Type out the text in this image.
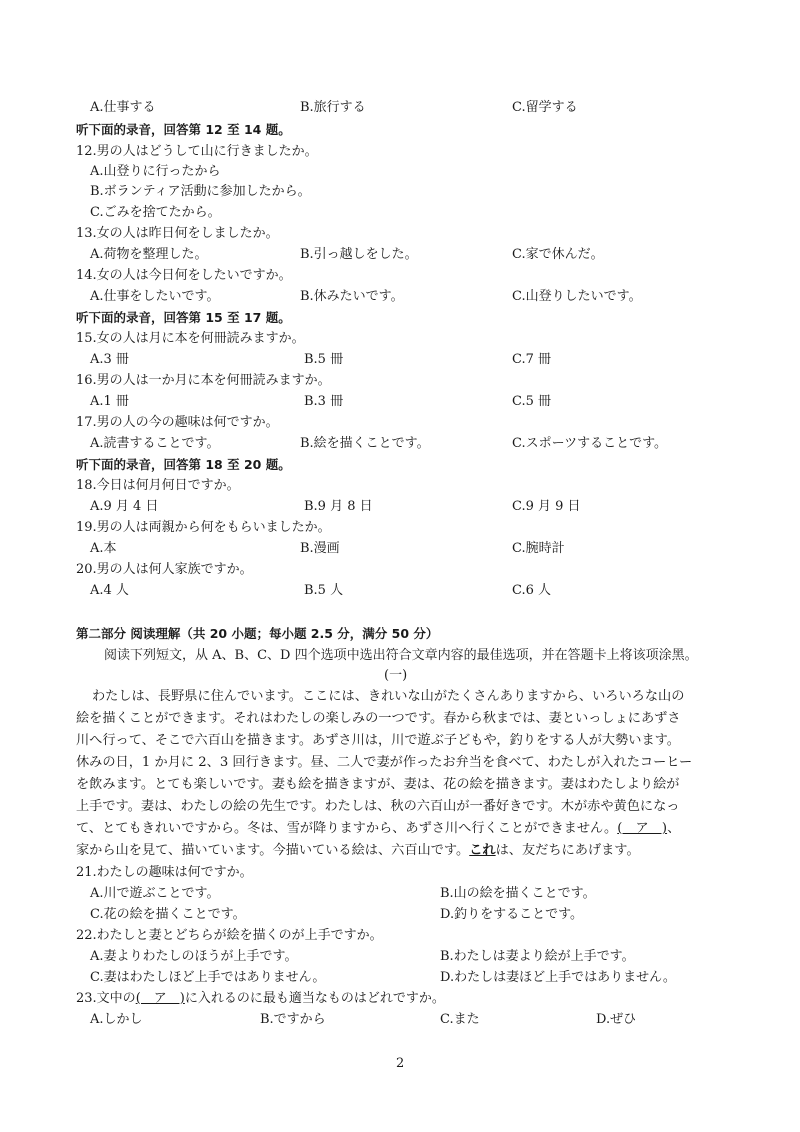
A.仕事する	B.旅行する	C.留学する
听下面的录音，回答第 12 至 14 题。
12.男の人はどうして山に行きましたか。
A.山登りに行ったから
B.ボランティア活動に参加したから。
C.ごみを捨てたから。
13.女の人は昨日何をしましたか。
A.荷物を整理した。	B.引っ越しをした。	C.家で休んだ。
14.女の人は今日何をしたいですか。
A.仕事をしたいです。	B.休みたいです。	C.山登りしたいです。
听下面的录音，回答第 15 至 17 题。
15.女の人は月に本を何冊読みますか。
A.3 冊	B.5 冊	C.7 冊
16.男の人は一か月に本を何冊読みますか。
A.1 冊	B.3 冊	C.5 冊
17.男の人の今の趣味は何ですか。
A.読書することです。	B.絵を描くことです。	C.スポーツすることです。
听下面的录音，回答第 18 至 20 题。
18.今日は何月何日ですか。
A.9 月 4 日	B.9 月 8 日	C.9 月 9 日
19.男の人は両親から何をもらいましたか。
A.本	B.漫画	C.腕時計
20.男の人は何人家族ですか。
A.4 人	B.5 人	C.6 人
第二部分 阅读理解（共 20 小题；每小题 2.5 分，满分 50 分）
阅读下列短文，从 A、B、C、D 四个选项中选出符合文章内容的最佳选项，并在答题卡上将该项涂黑。
(一)
わたしは、長野県に住んでいます。ここには、きれいな山がたくさんありますから、いろいろな山の
絵を描くことができます。それはわたしの楽しみの一つです。春から秋までは、妻といっしょにあずさ
川へ行って、そこで六百山を描きます。あずさ川は，川で遊ぶ子どもや，釣りをする人が大勢います。
休みの日，1 か月に 2、3 回行きます。昼、二人で妻が作ったお弁当を食べて、わたしが入れたコーヒー
を飲みます。とても楽しいです。妻も絵を描きますが、妻は、花の絵を描きます。妻はわたしより絵が
上手です。妻は、わたしの絵の先生です。わたしは、秋の六百山が一番好きです。木が赤や黄色になっ
て、とてもきれいですから。冬は、雪が降りますから、あずさ川へ行くことができません。(　ア　)、
家から山を見て、描いています。今描いている絵は、六百山です。これは、友だちにあげます。
21.わたしの趣味は何ですか。
A.川で遊ぶことです。	B.山の絵を描くことです。
C.花の絵を描くことです。	D.釣りをすることです。
22.わたしと妻とどちらが絵を描くのが上手ですか。
A.妻よりわたしのほうが上手です。	B.わたしは妻より絵が上手です。
C.妻はわたしほど上手ではありません。	D.わたしは妻ほど上手ではありません。
23.文中の(　ア　)に入れるのに最も適当なものはどれですか。
A.しかし	B.ですから	C.また	D.ぜひ
2
